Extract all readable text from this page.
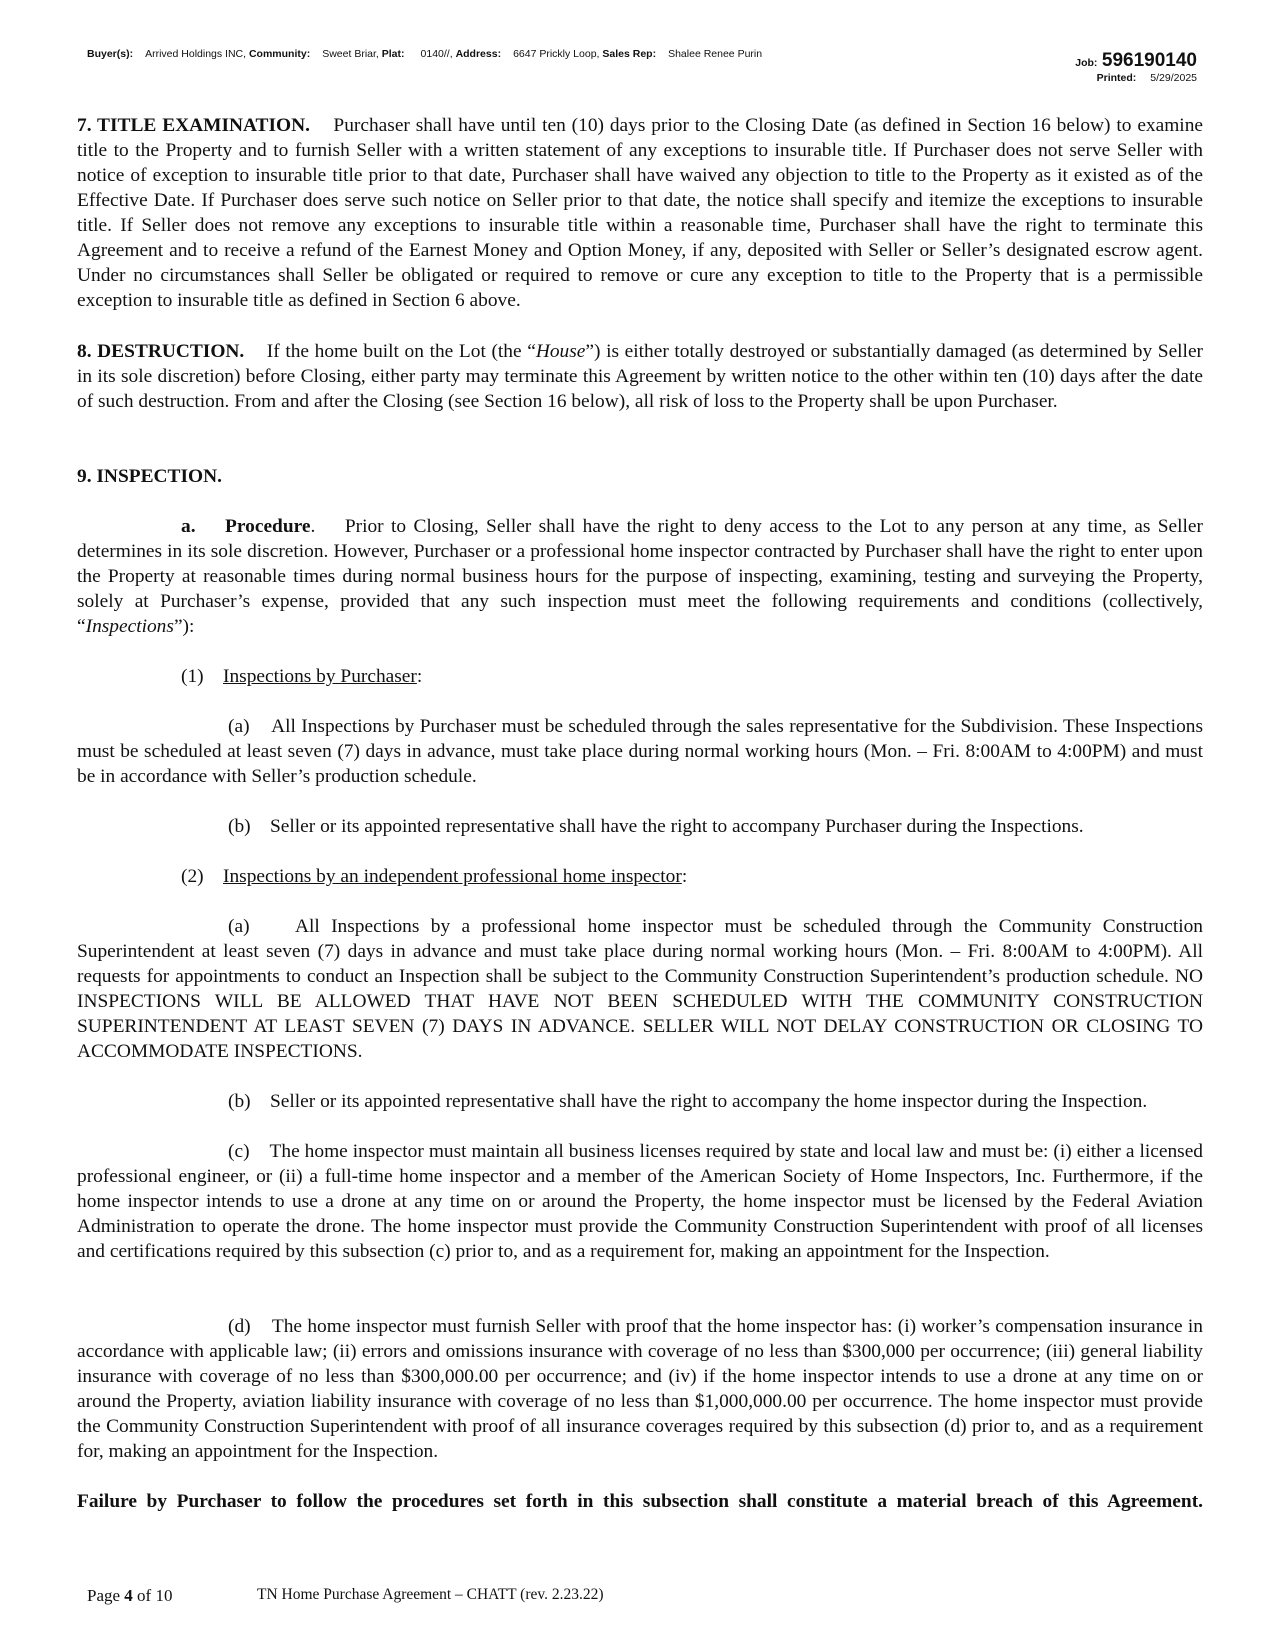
Buyer(s): Arrived Holdings INC, Community: Sweet Briar, Plat: 0140//, Address: 6647 Prickly Loop, Sales Rep: Shalee Renee Purin
Job: 596190140
Printed: 5/29/2025
7. TITLE EXAMINATION. Purchaser shall have until ten (10) days prior to the Closing Date (as defined in Section 16 below) to examine title to the Property and to furnish Seller with a written statement of any exceptions to insurable title. If Purchaser does not serve Seller with notice of exception to insurable title prior to that date, Purchaser shall have waived any objection to title to the Property as it existed as of the Effective Date. If Purchaser does serve such notice on Seller prior to that date, the notice shall specify and itemize the exceptions to insurable title. If Seller does not remove any exceptions to insurable title within a reasonable time, Purchaser shall have the right to terminate this Agreement and to receive a refund of the Earnest Money and Option Money, if any, deposited with Seller or Seller’s designated escrow agent. Under no circumstances shall Seller be obligated or required to remove or cure any exception to title to the Property that is a permissible exception to insurable title as defined in Section 6 above.
8. DESTRUCTION. If the home built on the Lot (the “House”) is either totally destroyed or substantially damaged (as determined by Seller in its sole discretion) before Closing, either party may terminate this Agreement by written notice to the other within ten (10) days after the date of such destruction. From and after the Closing (see Section 16 below), all risk of loss to the Property shall be upon Purchaser.
9. INSPECTION.
a. Procedure.    Prior to Closing, Seller shall have the right to deny access to the Lot to any person at any time, as Seller determines in its sole discretion. However, Purchaser or a professional home inspector contracted by Purchaser shall have the right to enter upon the Property at reasonable times during normal business hours for the purpose of inspecting, examining, testing and surveying the Property, solely at Purchaser’s expense, provided that any such inspection must meet the following requirements and conditions (collectively, “Inspections”):
(1) Inspections by Purchaser:
(a) All Inspections by Purchaser must be scheduled through the sales representative for the Subdivision. These Inspections must be scheduled at least seven (7) days in advance, must take place during normal working hours (Mon. – Fri. 8:00AM to 4:00PM) and must be in accordance with Seller’s production schedule.
(b) Seller or its appointed representative shall have the right to accompany Purchaser during the Inspections.
(2) Inspections by an independent professional home inspector:
(a) All Inspections by a professional home inspector must be scheduled through the Community Construction Superintendent at least seven (7) days in advance and must take place during normal working hours (Mon. – Fri. 8:00AM to 4:00PM). All requests for appointments to conduct an Inspection shall be subject to the Community Construction Superintendent’s production schedule. NO INSPECTIONS WILL BE ALLOWED THAT HAVE NOT BEEN SCHEDULED WITH THE COMMUNITY CONSTRUCTION SUPERINTENDENT AT LEAST SEVEN (7) DAYS IN ADVANCE. SELLER WILL NOT DELAY CONSTRUCTION OR CLOSING TO ACCOMMODATE INSPECTIONS.
(b) Seller or its appointed representative shall have the right to accompany the home inspector during the Inspection.
(c) The home inspector must maintain all business licenses required by state and local law and must be: (i) either a licensed professional engineer, or (ii) a full-time home inspector and a member of the American Society of Home Inspectors, Inc. Furthermore, if the home inspector intends to use a drone at any time on or around the Property, the home inspector must be licensed by the Federal Aviation Administration to operate the drone. The home inspector must provide the Community Construction Superintendent with proof of all licenses and certifications required by this subsection (c) prior to, and as a requirement for, making an appointment for the Inspection.
(d) The home inspector must furnish Seller with proof that the home inspector has: (i) worker’s compensation insurance in accordance with applicable law; (ii) errors and omissions insurance with coverage of no less than $300,000 per occurrence; (iii) general liability insurance with coverage of no less than $300,000.00 per occurrence; and (iv) if the home inspector intends to use a drone at any time on or around the Property, aviation liability insurance with coverage of no less than $1,000,000.00 per occurrence. The home inspector must provide the Community Construction Superintendent with proof of all insurance coverages required by this subsection (d) prior to, and as a requirement for, making an appointment for the Inspection.
Failure by Purchaser to follow the procedures set forth in this subsection shall constitute a material breach of this Agreement.
Page 4 of 10	TN Home Purchase Agreement – CHATT (rev. 2.23.22)
